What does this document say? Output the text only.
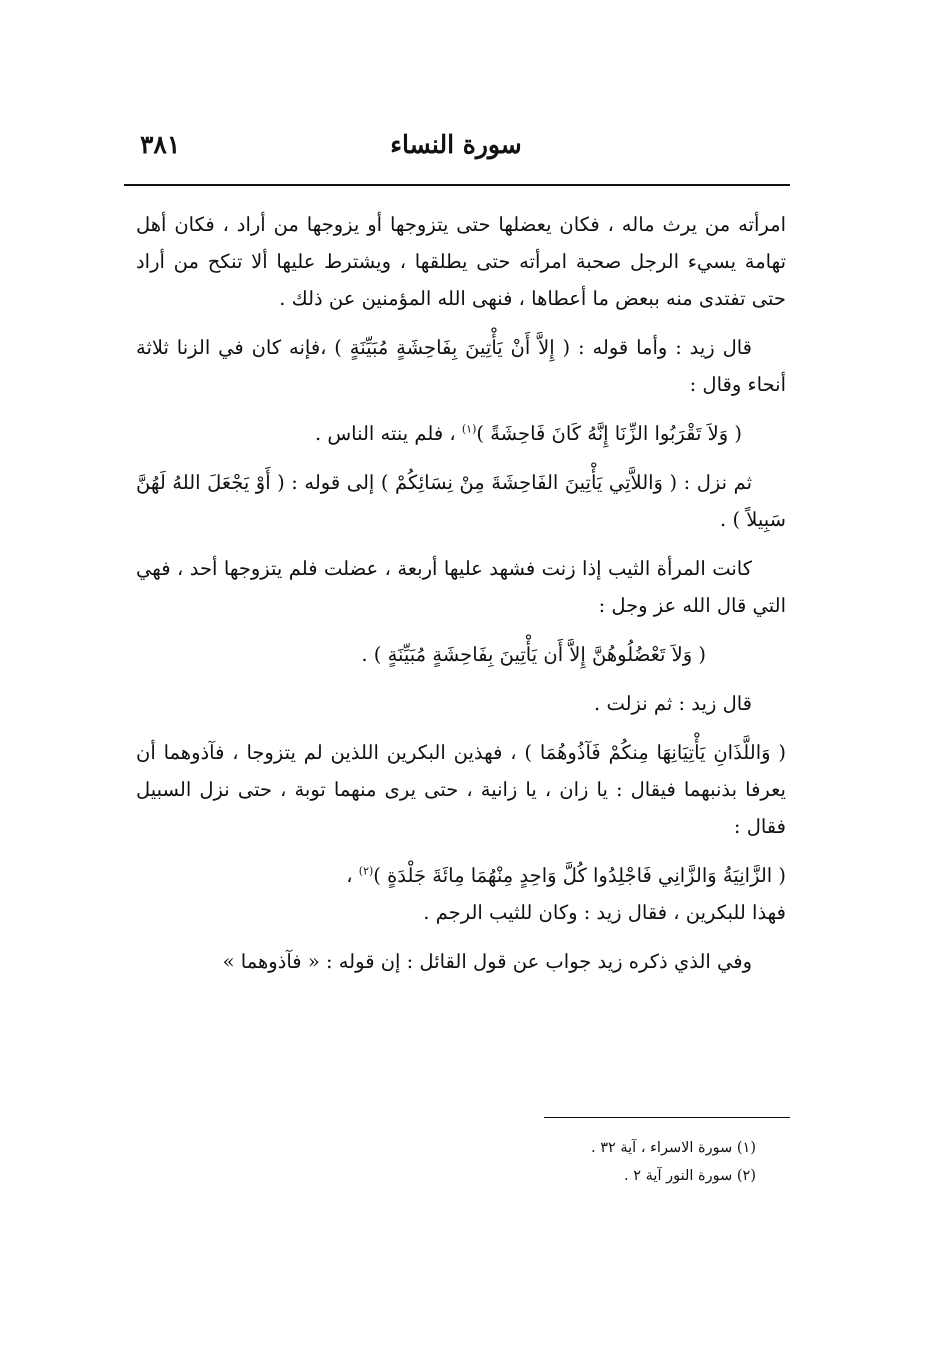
سورة النساء
٣٨١

امرأته من يرث ماله ، فكان يعضلها حتى يتزوجها أو يزوجها من أراد ، فكان أهل تهامة يسيء الرجل صحبة امرأته حتى يطلقها ، ويشترط عليها ألا تنكح من أراد حتى تفتدى منه ببعض ما أعطاها ، فنهى الله المؤمنين عن ذلك .

قال زيد : وأما قوله : ( إِلاَّ أَنْ يَأْتِينَ بِفَاحِشَةٍ مُبَيِّنَةٍ ) ،فإنه كان في الزنا ثلاثة أنحاء وقال :

( وَلاَ تَقْرَبُوا الزِّنَا إِنَّهُ كَانَ فَاحِشَةً )$^{(١)}$ ، فلم ينته الناس .

ثم نزل : ( وَاللاَّتِي يَأْتِينَ الفَاحِشَةَ مِنْ نِسَائِكُمْ ) إلى قوله : ( أَوْ يَجْعَلَ اللهُ لَهُنَّ سَبِيلاً ) .

كانت المرأة الثيب إذا زنت فشهد عليها أربعة ، عضلت فلم يتزوجها أحد ، فهي التي قال الله عز وجل :

( وَلاَ تَعْضُلُوهُنَّ إِلاَّ أَن يَأْتِينَ بِفَاحِشَةٍ مُبَيِّنَةٍ ) .

قال زيد : ثم نزلت .

( وَاللَّذَانِ يَأْتِيَانِهَا مِنكُمْ فَآذُوهُمَا ) ، فهذين البكرين اللذين لم يتزوجا ، فآذوهما أن يعرفا بذنبهما فيقال : يا زان ، يا زانية ، حتى يرى منهما توبة ، حتى نزل السبيل فقال :

( الزَّانِيَةُ وَالزَّانِي فَاجْلِدُوا كُلَّ وَاحِدٍ مِنْهُمَا مِائَةَ جَلْدَةٍ )$^{(٢)}$ ،

فهذا للبكرين ، فقال زيد : وكان للثيب الرجم .

وفي الذي ذكره زيد جواب عن قول القائل : إن قوله : « فآذوهما »

(١) سورة الاسراء ، آية ٣٢ .

(٢) سورة النور آية ٢ .
